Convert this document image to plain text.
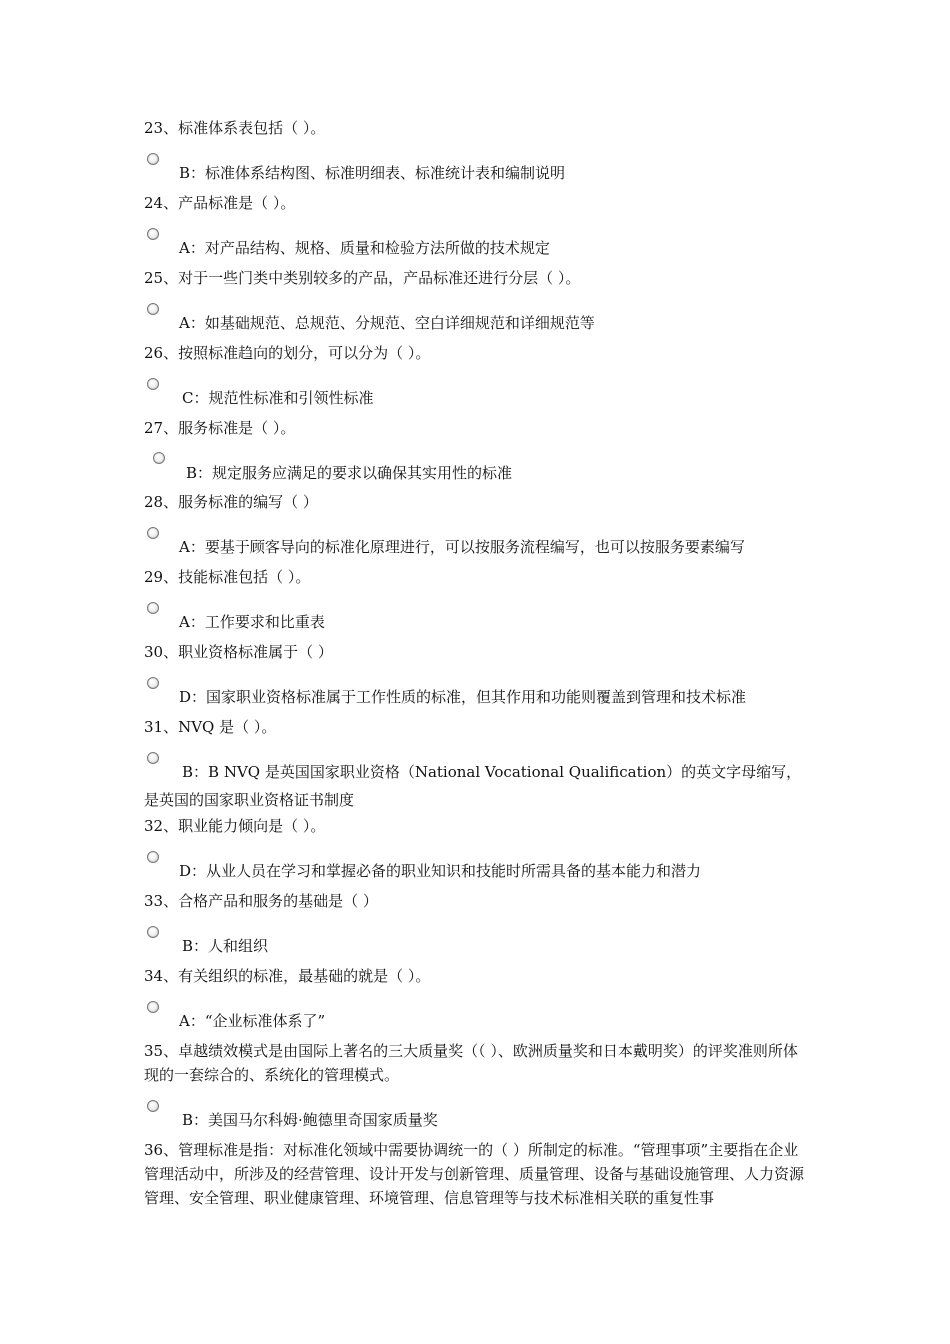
23、标准体系表包括（ ）。
B：标准体系结构图、标准明细表、标准统计表和编制说明
24、产品标准是（ ）。
A：对产品结构、规格、质量和检验方法所做的技术规定
25、对于一些门类中类别较多的产品，产品标准还进行分层（ ）。
A：如基础规范、总规范、分规范、空白详细规范和详细规范等
26、按照标准趋向的划分，可以分为（ ）。
C：规范性标准和引领性标准
27、服务标准是（ ）。
B：规定服务应满足的要求以确保其实用性的标准
28、服务标准的编写（ ）
A：要基于顾客导向的标准化原理进行，可以按服务流程编写，也可以按服务要素编写
29、技能标准包括（ ）。
A：工作要求和比重表
30、职业资格标准属于（ ）
D：国家职业资格标准属于工作性质的标准，但其作用和功能则覆盖到管理和技术标准
31、NVQ 是（ ）。
B：B NVQ 是英国国家职业资格（National Vocational Qualification）的英文字母缩写，
是英国的国家职业资格证书制度
32、职业能力倾向是（ ）。
D：从业人员在学习和掌握必备的职业知识和技能时所需具备的基本能力和潜力
33、合格产品和服务的基础是（ ）
B：人和组织
34、有关组织的标准，最基础的就是（ ）。
A：“企业标准体系了”
35、卓越绩效模式是由国际上著名的三大质量奖（（ ）、欧洲质量奖和日本戴明奖）的评奖准则所体现的一套综合的、系统化的管理模式。
B：美国马尔科姆·鲍德里奇国家质量奖
36、管理标准是指：对标准化领域中需要协调统一的（ ）所制定的标准。“管理事项”主要指在企业管理活动中，所涉及的经营管理、设计开发与创新管理、质量管理、设备与基础设施管理、人力资源管理、安全管理、职业健康管理、环境管理、信息管理等与技术标准相关联的重复性事
